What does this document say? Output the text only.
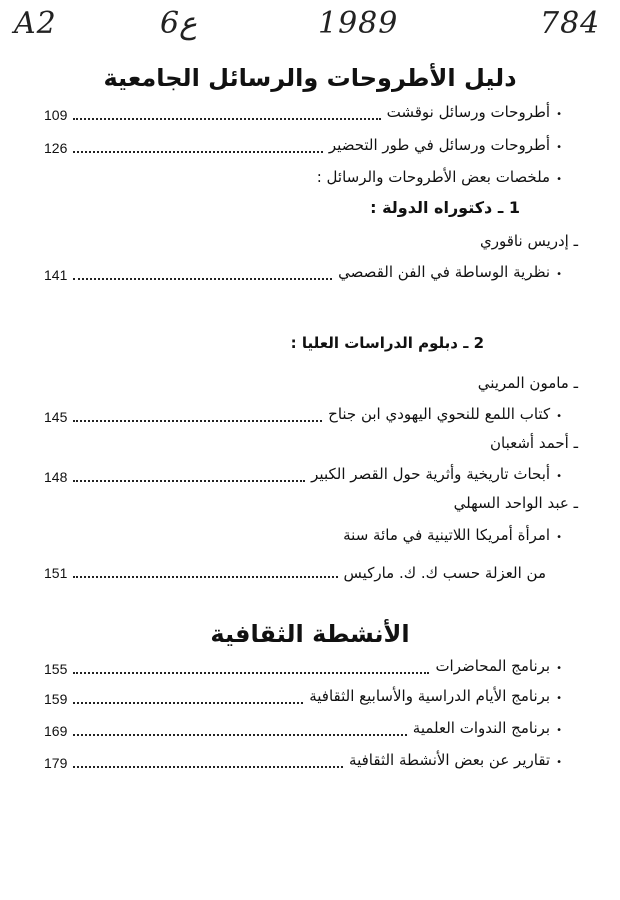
A2	6ع	1989	784
دليل الأطروحات والرسائل الجامعية
109	•أطروحات ورسائل نوقشت
126	•أطروحات ورسائل في طور التحضير
•ملخصات بعض الأطروحات والرسائل :
1 ـ دكتوراه الدولة :
ـ إدريس ناقوري
141	•نظرية الوساطة في الفن القصصي
2 ـ دبلوم الدراسات العليا :
ـ مامون المريني
145	•كتاب اللمع للنحوي اليهودي ابن جناح
ـ أحمد أشعبان
148	•أبحاث تاريخية وأثرية حول القصر الكبير
ـ عبد الواحد السهلي
•امرأة أمريكا اللاتينية في مائة سنة
151	من العزلة حسب ك. ك. ماركيس
الأنشطة الثقافية
155	•برنامج المحاضرات
159	•برنامج الأيام الدراسية والأسابيع الثقافية
169	•برنامج الندوات العلمية
179	•تقارير عن بعض الأنشطة الثقافية
